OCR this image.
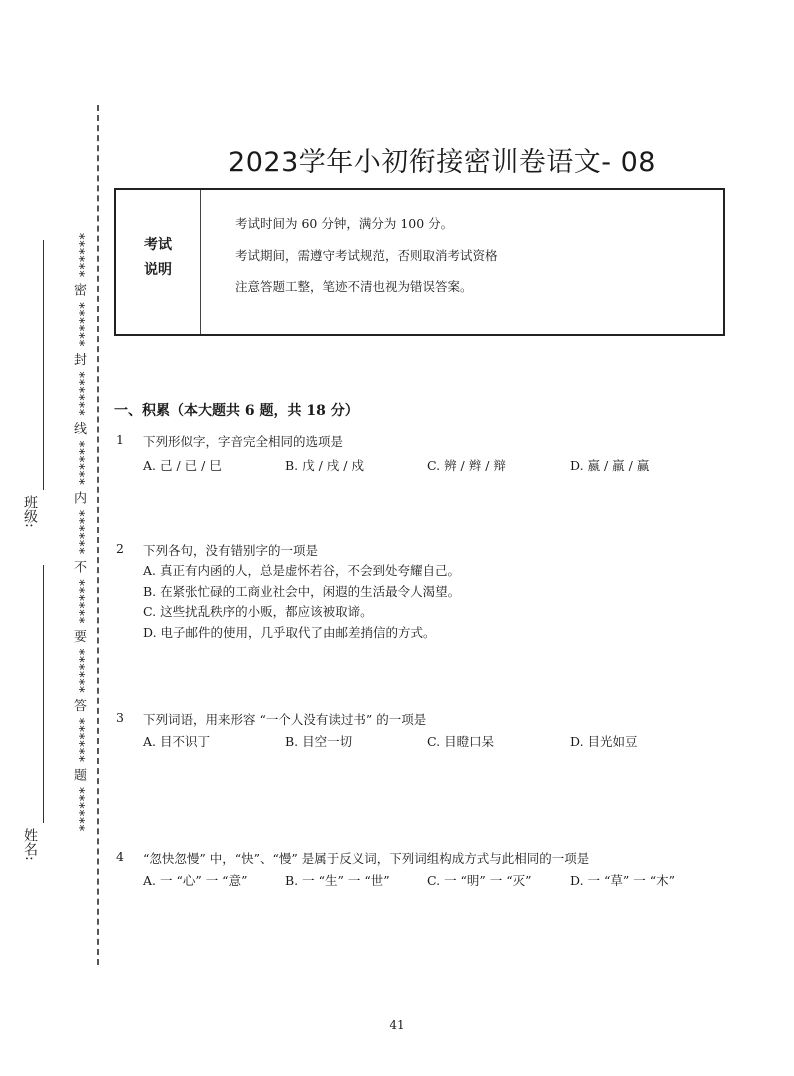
****** 密 ****** 封 ****** 线 ****** 内 ****** 不 ****** 要 ****** 答 ****** 题 ******
班级:
姓名:
2023学年小初衔接密训卷语文- 08
考试
说明
考试时间为 60 分钟，满分为 100 分。
考试期间，需遵守考试规范，否则取消考试资格
注意答题工整，笔迹不清也视为错误答案。
一、积累（本大题共 6 题，共 18 分）
1 下列形似字，字音完全相同的选项是
A. 己 / 已 / 巳	B. 戊 / 戌 / 戍	C. 辨 / 辫 / 辩	D. 嬴 / 羸 / 赢
2 下列各句，没有错别字的一项是
A. 真正有内函的人，总是虚怀若谷，不会到处夸耀自己。
B. 在紧张忙碌的工商业社会中，闲遐的生活最令人渴望。
C. 这些扰乱秩序的小贩，都应该被取谛。
D. 电子邮件的使用，几乎取代了由邮差捎信的方式。
3 下列词语，用来形容 “一个人没有读过书” 的一项是
A. 目不识丁	B. 目空一切	C. 目瞪口呆	D. 目光如豆
4 “忽快忽慢” 中，“快”、“慢” 是属于反义词，下列词组构成方式与此相同的一项是
A. 一 “心” 一 “意”	B. 一 “生” 一 “世”	C. 一 “明” 一 “灭”	D. 一 “草” 一 “木”
41
